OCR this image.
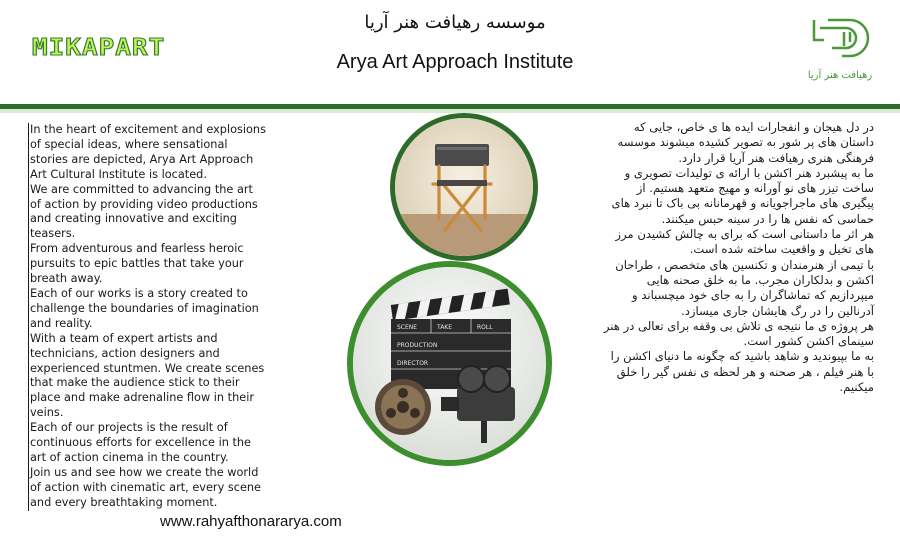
MIKAPART
موسسه رهیافت هنر آریا
Arya Art Approach Institute
رهیافت هنر آریا

In the heart of excitement and explosions of special ideas, where sensational stories are depicted, Arya Art Approach Art Cultural Institute is located.

We are committed to advancing the art of action by providing video productions and creating innovative and exciting teasers.

From adventurous and fearless heroic pursuits to epic battles that take your breath away.

Each of our works is a story created to challenge the boundaries of imagination and reality.

With a team of expert artists and technicians, action designers and experienced stuntmen. We create scenes that make the audience stick to their place and make adrenaline flow in their veins.

Each of our projects is the result of continuous efforts for excellence in the art of action cinema in the country.

Join us and see how we create the world of action with cinematic art, every scene and every breathtaking moment.

SCENE	TAKE	ROLL
PRODUCTION
DIRECTOR

در دل هیجان و انفجارات ایده ها ی خاص، جایی که داستان های پر شور به تصویر کشیده میشوند موسسه فرهنگی هنری رهیافت هنر آریا قرار دارد.

ما به پیشبرد هنر اکشن با ارائه ی تولیدات تصویری و ساخت تیزر های نو آورانه و مهیج متعهد هستیم. از پیگیری های ماجراجویانه و قهرمانانه بی باک تا نبرد های حماسی که نفس ها را در سینه حبس میکنند.

هر اثر ما داستانی است که برای به چالش کشیدن مرز های تخیل و واقعیت ساخته شده است.

با تیمی از هنرمندان و تکنسین های متخصص ، طراحان اکشن و بدلکاران مجرب. ما به خلق صحنه هایی میپردازیم که تماشاگران را به جای خود میچسباند و آدرنالین را در رگ هایشان جاری میسازد.

هر پروژه ی ما نتیجه ی تلاش بی وقفه برای تعالی در هنر سینمای اکشن کشور است.

به ما بپیوندید و شاهد باشید که چگونه ما دنیای اکشن را با هنر فیلم ، هر صحنه و هر لحظه ی نفس گیر را خلق میکنیم.

www.rahyafthonararya.com
